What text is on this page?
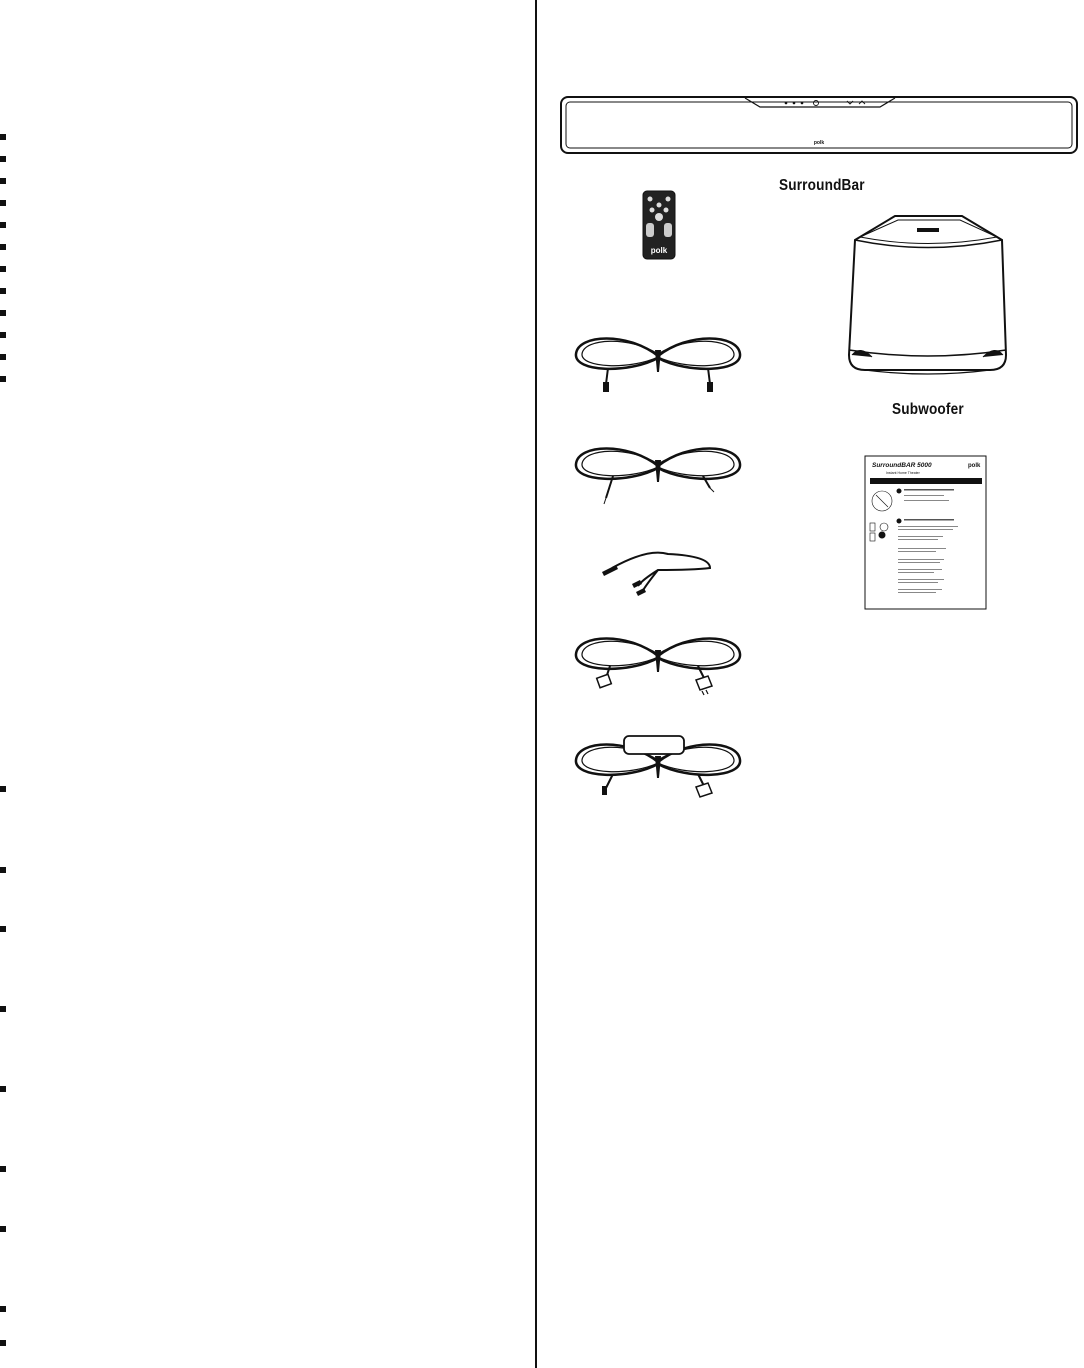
polk
SurroundBar
polk
Subwoofer
SurroundBAR 5000
Instant Home Theater
polk
